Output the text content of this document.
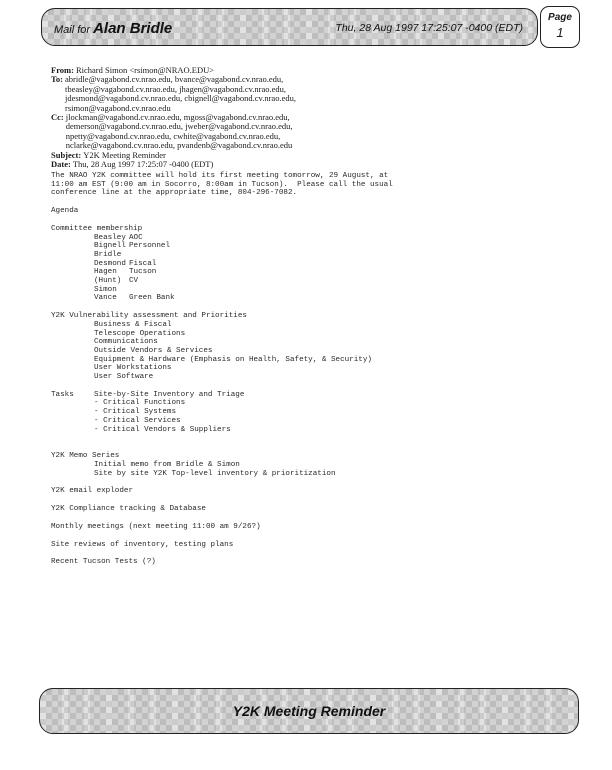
Mail for Alan Bridle	Thu, 28 Aug 1997 17:25:07 -0400 (EDT)
Page
1
From: Richard Simon <rsimon@NRAO.EDU>
To: abridle@vagabond.cv.nrao.edu, bvance@vagabond.cv.nrao.edu,
tbeasley@vagabond.cv.nrao.edu, jhagen@vagabond.cv.nrao.edu,
jdesmond@vagabond.cv.nrao.edu, cbignell@vagabond.cv.nrao.edu,
rsimon@vagabond.cv.nrao.edu
Cc: jlockman@vagabond.cv.nrao.edu, mgoss@vagabond.cv.nrao.edu,
demerson@vagabond.cv.nrao.edu, jweber@vagabond.cv.nrao.edu,
npetty@vagabond.cv.nrao.edu, cwhite@vagabond.cv.nrao.edu,
nclarke@vagabond.cv.nrao.edu, pvandenb@vagabond.cv.nrao.edu
Subject: Y2K Meeting Reminder
Date: Thu, 28 Aug 1997 17:25:07 -0400 (EDT)
The NRAO Y2K committee will hold its first meeting tomorrow, 29 August, at
11:00 am EST (9:00 am in Socorro, 8:00am in Tucson).  Please call the usual
conference line at the appropriate time, 804-296-7082.
Agenda
Committee membership
Beasley AOC
Bignell Personnel
Bridle
Desmond Fiscal
Hagen	Tucson
(Hunt)	CV
Simon
Vance	Green Bank
Y2K Vulnerability assessment and Priorities
Business & Fiscal
Telescope Operations
Communications
Outside Vendors & Services
Equipment & Hardware (Emphasis on Health, Safety, & Security)
User Workstations
User Software
Tasks	Site-by-Site Inventory and Triage
- Critical Functions
- Critical Systems
- Critical Services
- Critical Vendors & Suppliers
Y2K Memo Series
Initial memo from Bridle & Simon
Site by site Y2K Top-level inventory & prioritization
Y2K email exploder
Y2K Compliance tracking & Database
Monthly meetings (next meeting 11:00 am 9/26?)
Site reviews of inventory, testing plans
Recent Tucson Tests (?)
Y2K Meeting Reminder
